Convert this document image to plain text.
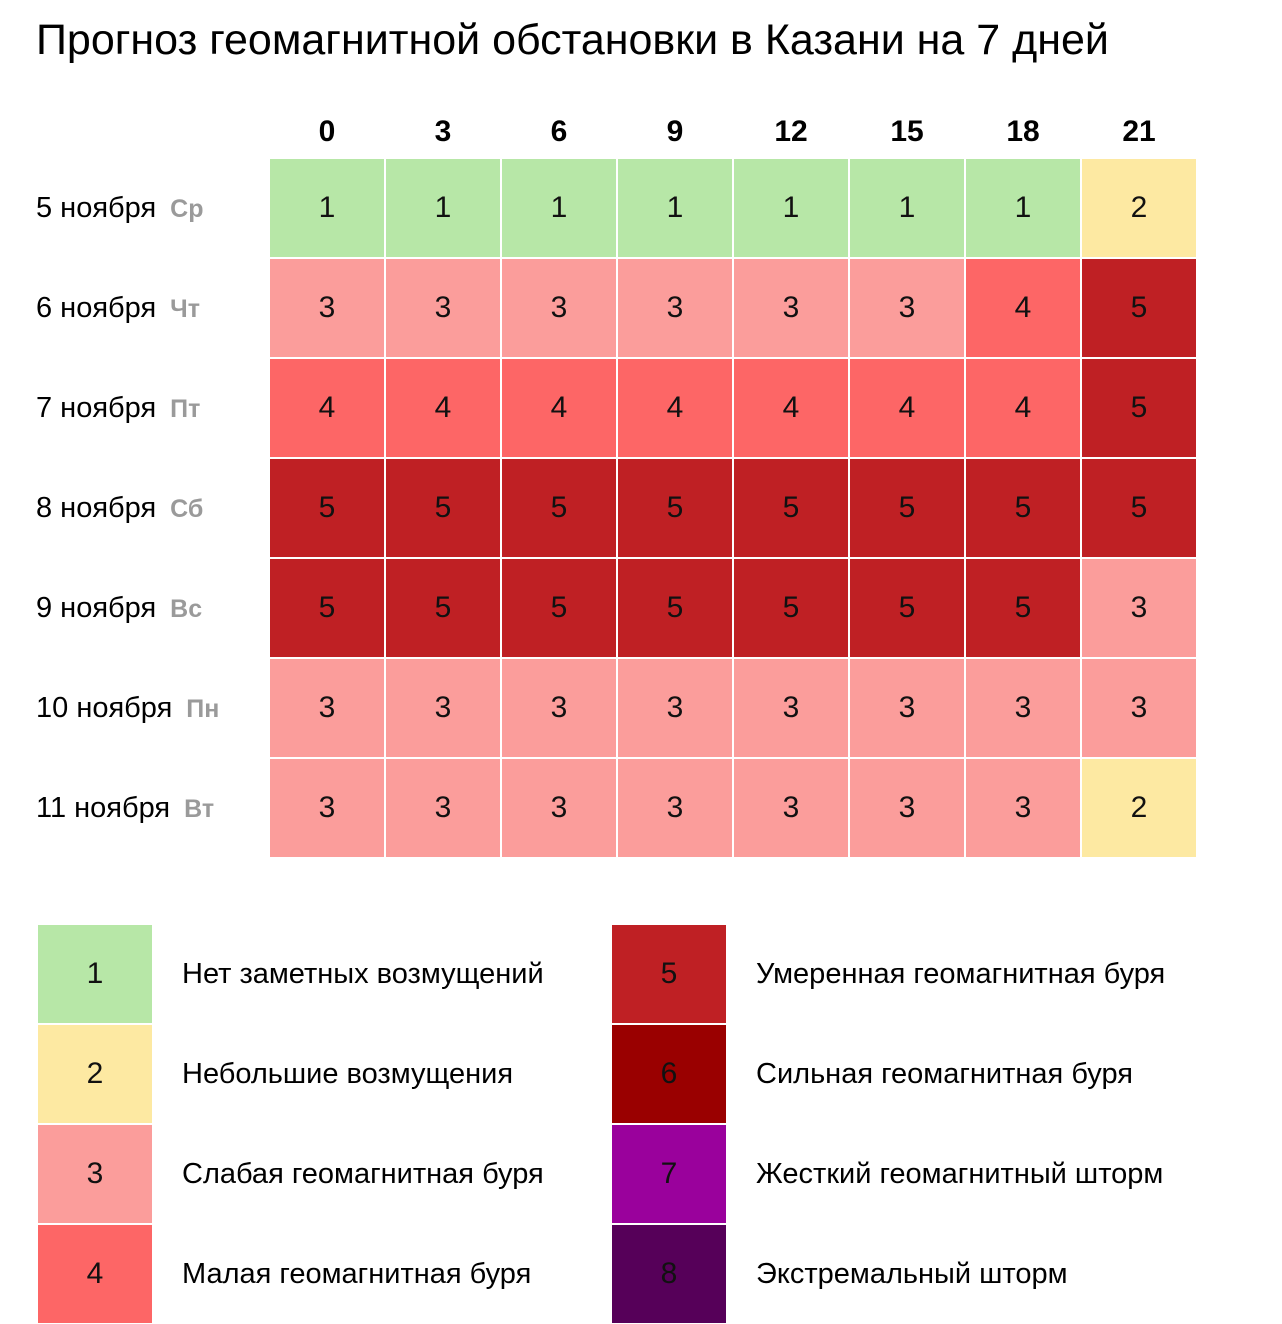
Прогноз геомагнитной обстановки в Казани на 7 дней
0	3	6	9	12	15	18	21
5 ноября Ср	1	1	1	1	1	1	1	2
6 ноября Чт	3	3	3	3	3	3	4	5
7 ноября Пт	4	4	4	4	4	4	4	5
8 ноября Сб	5	5	5	5	5	5	5	5
9 ноября Вс	5	5	5	5	5	5	5	3
10 ноября Пн	3	3	3	3	3	3	3	3
11 ноября Вт	3	3	3	3	3	3	3	2
1	Нет заметных возмущений
2	Небольшие возмущения
3	Слабая геомагнитная буря
4	Малая геомагнитная буря
5	Умеренная геомагнитная буря
6	Сильная геомагнитная буря
7	Жесткий геомагнитный шторм
8	Экстремальный шторм
